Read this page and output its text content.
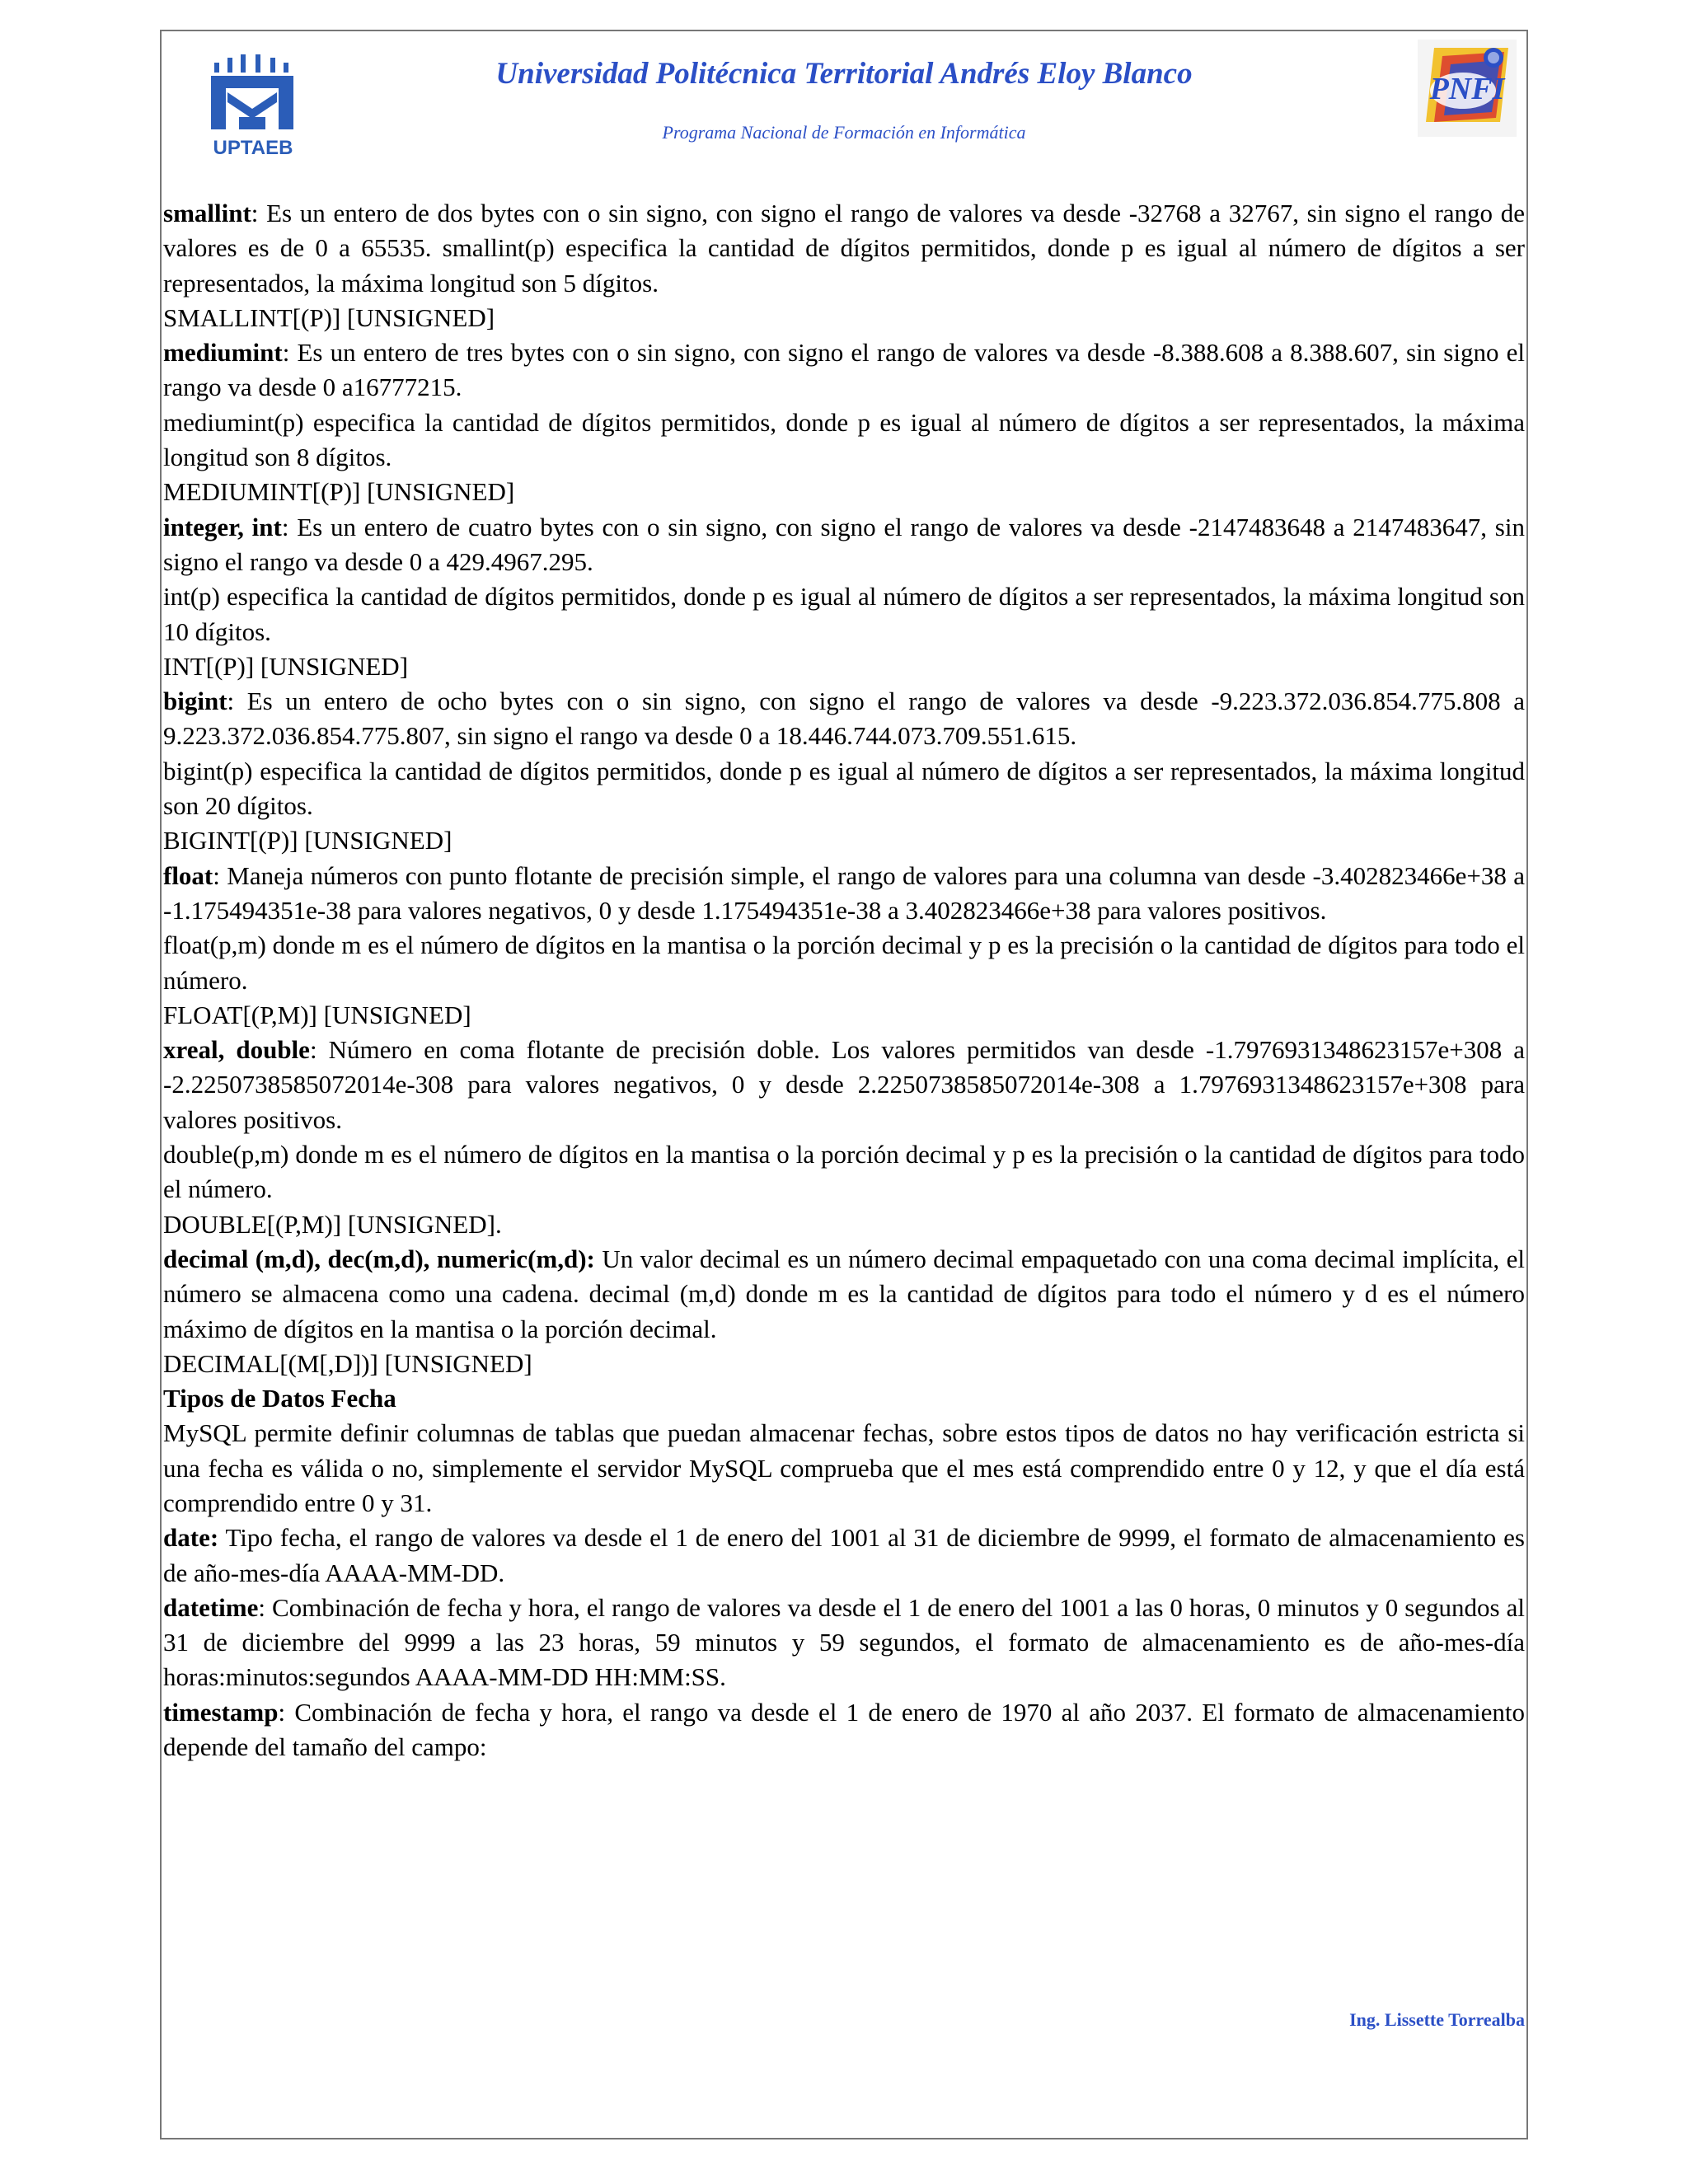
UPTAEB
Universidad Politécnica Territorial Andrés Eloy Blanco
Programa Nacional de Formación en Informática
PNFI

smallint: Es un entero de dos bytes con o sin signo, con signo el rango de valores va desde -32768 a 32767, sin signo el rango de valores es de 0 a 65535. smallint(p) especifica la cantidad de dígitos permitidos, donde p es igual al número de dígitos a ser representados, la máxima longitud son 5 dígitos.

SMALLINT[(P)] [UNSIGNED]

mediumint: Es un entero de tres bytes con o sin signo, con signo el rango de valores va desde -8.388.608 a 8.388.607, sin signo el rango va desde 0 a16777215.

mediumint(p) especifica la cantidad de dígitos permitidos, donde p es igual al número de dígitos a ser representados, la máxima longitud son 8 dígitos.

MEDIUMINT[(P)] [UNSIGNED]

integer, int: Es un entero de cuatro bytes con o sin signo, con signo el rango de valores va desde -2147483648 a 2147483647, sin signo el rango va desde 0 a 429.4967.295.

int(p) especifica la cantidad de dígitos permitidos, donde p es igual al número de dígitos a ser representados, la máxima longitud son 10 dígitos.

INT[(P)] [UNSIGNED]

bigint: Es un entero de ocho bytes con o sin signo, con signo el rango de valores va desde -9.223.372.036.854.775.808 a 9.223.372.036.854.775.807, sin signo el rango va desde 0 a 18.446.744.073.709.551.615.

bigint(p) especifica la cantidad de dígitos permitidos, donde p es igual al número de dígitos a ser representados, la máxima longitud son 20 dígitos.

BIGINT[(P)] [UNSIGNED]

float: Maneja números con punto flotante de precisión simple, el rango de valores para una columna van desde -3.402823466e+38 a -1.175494351e-38 para valores negativos, 0 y desde 1.175494351e-38 a 3.402823466e+38 para valores positivos.

float(p,m) donde m es el número de dígitos en la mantisa o la porción decimal y p es la precisión o la cantidad de dígitos para todo el número.

FLOAT[(P,M)] [UNSIGNED]

xreal, double: Número en coma flotante de precisión doble. Los valores permitidos van desde -1.7976931348623157e+308 a -2.2250738585072014e-308 para valores negativos, 0 y desde 2.2250738585072014e-308 a 1.7976931348623157e+308 para valores positivos.

double(p,m) donde m es el número de dígitos en la mantisa o la porción decimal y p es la precisión o la cantidad de dígitos para todo el número.

DOUBLE[(P,M)] [UNSIGNED].

decimal (m,d), dec(m,d), numeric(m,d): Un valor decimal es un número decimal empaquetado con una coma decimal implícita, el número se almacena como una cadena. decimal (m,d) donde m es la cantidad de dígitos para todo el número y d es el número máximo de dígitos en la mantisa o la porción decimal.

DECIMAL[(M[,D])] [UNSIGNED]

Tipos de Datos Fecha

MySQL permite definir columnas de tablas que puedan almacenar fechas, sobre estos tipos de datos no hay verificación estricta si una fecha es válida o no, simplemente el servidor MySQL comprueba que el mes está comprendido entre 0 y 12, y que el día está comprendido entre 0 y 31.

date: Tipo fecha, el rango de valores va desde el 1 de enero del 1001 al 31 de diciembre de 9999, el formato de almacenamiento es de año-mes-día AAAA-MM-DD.

datetime: Combinación de fecha y hora, el rango de valores va desde el 1 de enero del 1001 a las 0 horas, 0 minutos y 0 segundos al 31 de diciembre del 9999 a las 23 horas, 59 minutos y 59 segundos, el formato de almacenamiento es de año-mes-día horas:minutos:segundos AAAA-MM-DD HH:MM:SS.

timestamp: Combinación de fecha y hora, el rango va desde el 1 de enero de 1970 al año 2037. El formato de almacenamiento depende del tamaño del campo:

Ing. Lissette Torrealba
